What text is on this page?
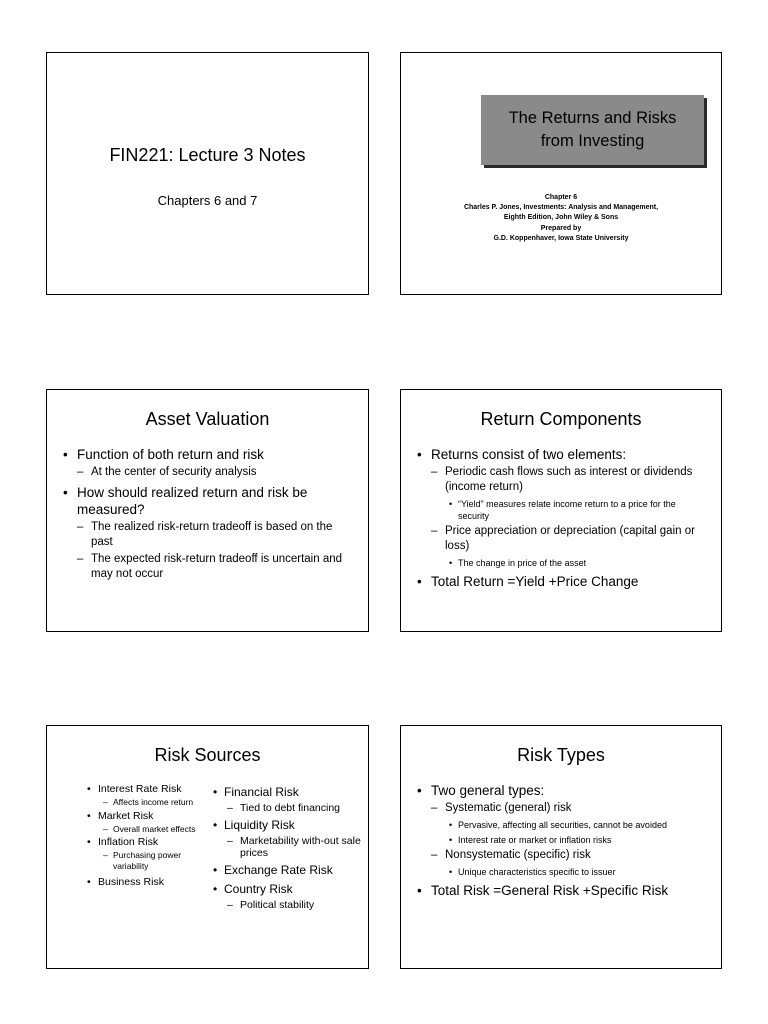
FIN221: Lecture 3 Notes
Chapters 6 and 7
The Returns and Risks
from Investing
Chapter 6
Charles P. Jones, Investments: Analysis and Management,
Eighth Edition, John Wiley & Sons
Prepared by
G.D. Koppenhaver, Iowa State University
Asset Valuation
• Function of both return and risk
– At the center of security analysis
• How should realized return and risk be measured?
– The realized risk-return tradeoff is based on the past
– The expected risk-return tradeoff is uncertain and may not occur
Return Components
• Returns consist of two elements:
– Periodic cash flows such as interest or dividends (income return)
• “Yield” measures relate income return to a price for the security
– Price appreciation or depreciation (capital gain or loss)
• The change in price of the asset
• Total Return =Yield +Price Change
Risk Sources
• Interest Rate Risk
– Affects income return
• Market Risk
– Overall market effects
• Inflation Risk
– Purchasing power variability
• Business Risk
• Financial Risk
– Tied to debt financing
• Liquidity Risk
– Marketability with-out sale prices
• Exchange Rate Risk
• Country Risk
– Political stability
Risk Types
• Two general types:
– Systematic (general) risk
• Pervasive, affecting all securities, cannot be avoided
• Interest rate or market or inflation risks
– Nonsystematic (specific) risk
• Unique characteristics specific to issuer
• Total Risk =General Risk +Specific Risk
